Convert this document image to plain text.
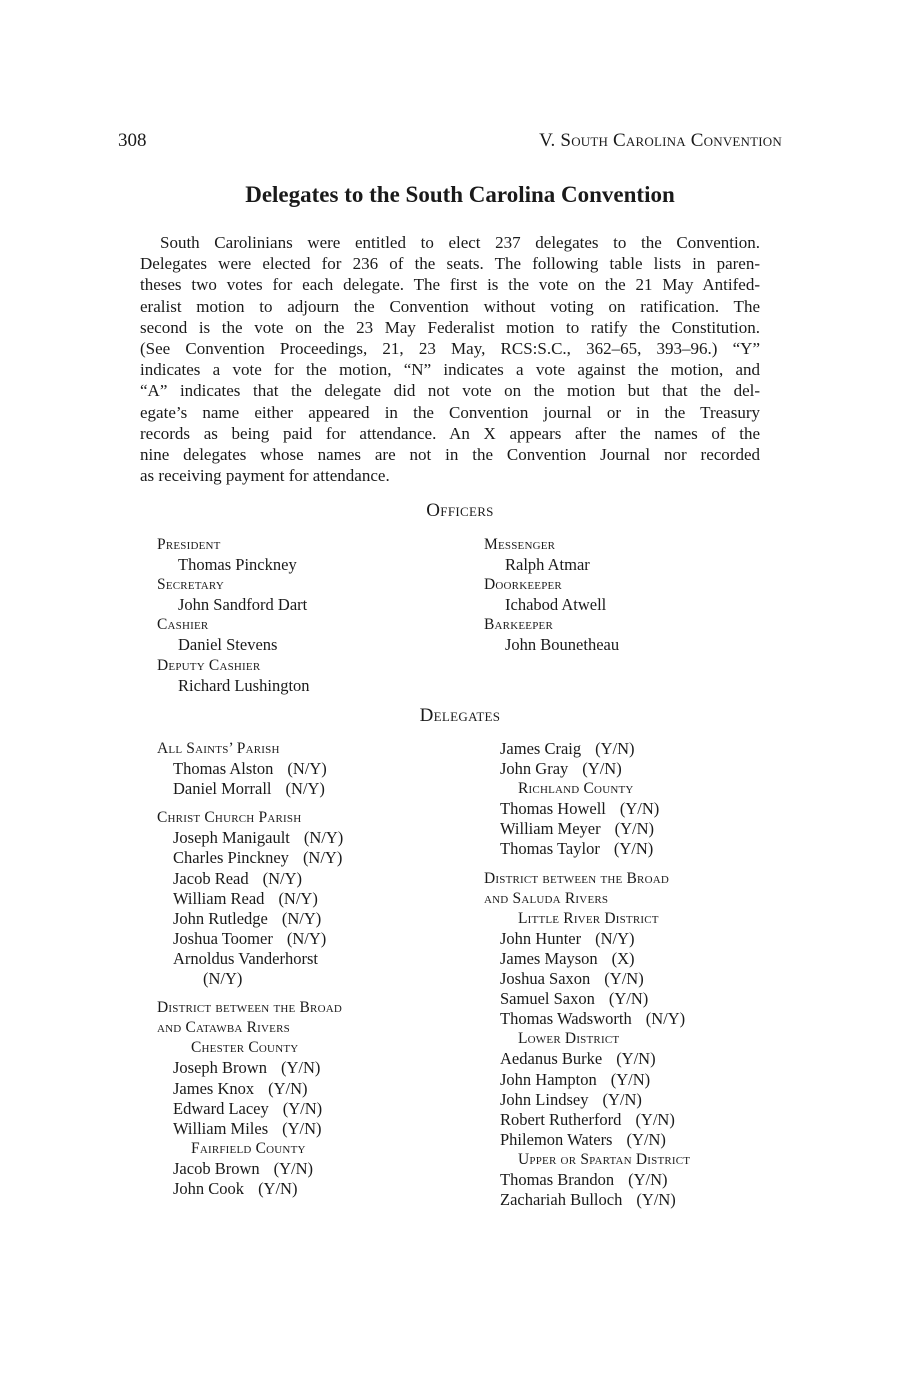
308	V. South Carolina Convention
Delegates to the South Carolina Convention

South Carolinians were entitled to elect 237 delegates to the Convention.
Delegates were elected for 236 of the seats. The following table lists in paren-
theses two votes for each delegate. The first is the vote on the 21 May Antifed-
eralist motion to adjourn the Convention without voting on ratification. The
second is the vote on the 23 May Federalist motion to ratify the Constitution.
(See Convention Proceedings, 21, 23 May, RCS:S.C., 362–65, 393–96.) “Y”
indicates a vote for the motion, “N” indicates a vote against the motion, and
“A” indicates that the delegate did not vote on the motion but that the del-
egate’s name either appeared in the Convention journal or in the Treasury
records as being paid for attendance. An X appears after the names of the
nine delegates whose names are not in the Convention Journal nor recorded
as receiving payment for attendance.

Officers
President
Thomas Pinckney
Secretary
John Sandford Dart
Cashier
Daniel Stevens
Deputy Cashier
Richard Lushington
Messenger
Ralph Atmar
Doorkeeper
Ichabod Atwell
Barkeeper
John Bounetheau
Delegates
All Saints’ Parish
Thomas Alston (N/Y)
Daniel Morrall (N/Y)
Christ Church Parish
Joseph Manigault (N/Y)
Charles Pinckney (N/Y)
Jacob Read (N/Y)
William Read (N/Y)
John Rutledge (N/Y)
Joshua Toomer (N/Y)
Arnoldus Vanderhorst
(N/Y)
District between the Broad
and Catawba Rivers
Chester County
Joseph Brown (Y/N)
James Knox (Y/N)
Edward Lacey (Y/N)
William Miles (Y/N)
Fairfield County
Jacob Brown (Y/N)
John Cook (Y/N)
James Craig (Y/N)
John Gray (Y/N)
Richland County
Thomas Howell (Y/N)
William Meyer (Y/N)
Thomas Taylor (Y/N)
District between the Broad
and Saluda Rivers
Little River District
John Hunter (N/Y)
James Mayson (X)
Joshua Saxon (Y/N)
Samuel Saxon (Y/N)
Thomas Wadsworth (N/Y)
Lower District
Aedanus Burke (Y/N)
John Hampton (Y/N)
John Lindsey (Y/N)
Robert Rutherford (Y/N)
Philemon Waters (Y/N)
Upper or Spartan District
Thomas Brandon (Y/N)
Zachariah Bulloch (Y/N)
